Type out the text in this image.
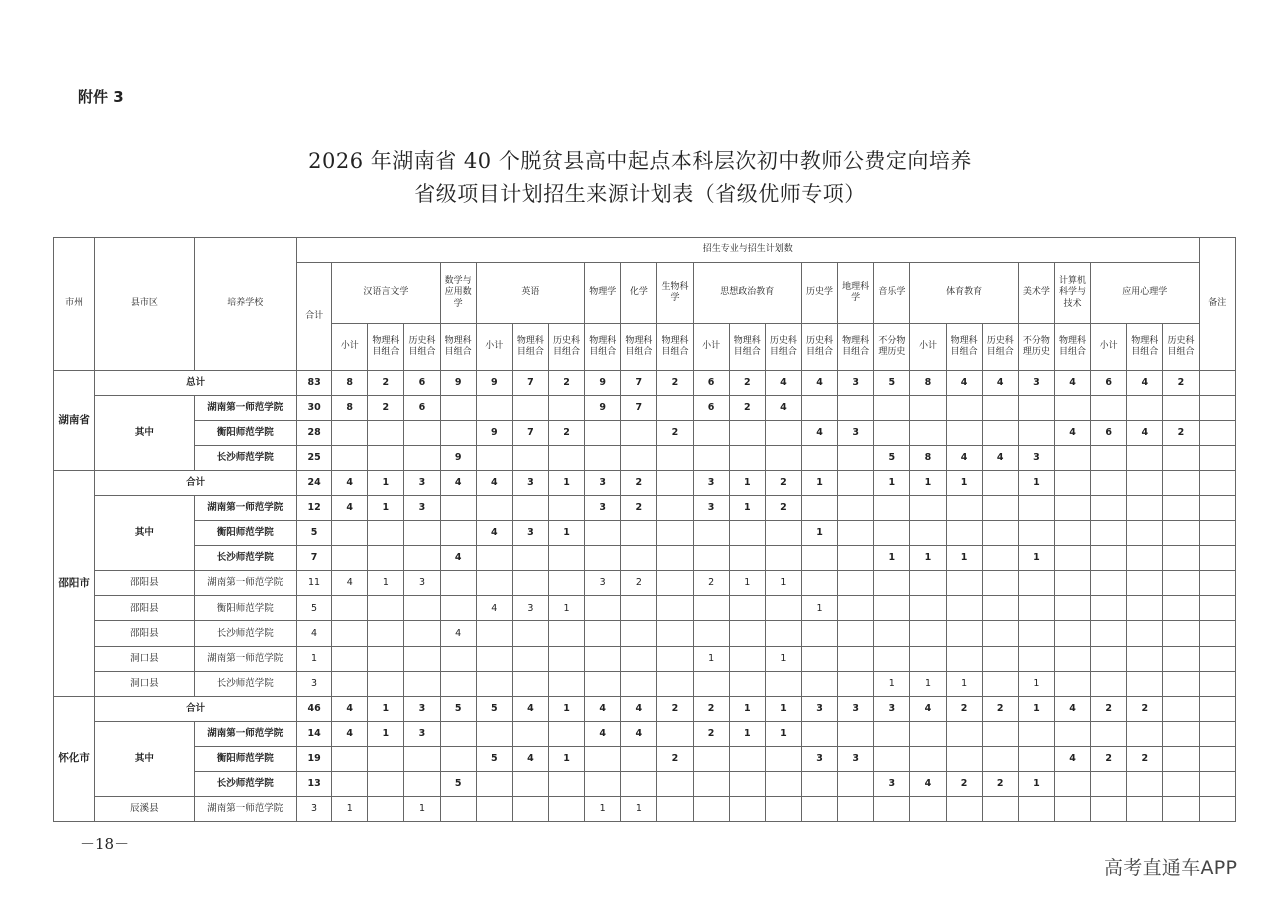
附件 3
2026 年湖南省 40 个脱贫县高中起点本科层次初中教师公费定向培养
省级项目计划招生来源计划表（省级优师专项）
市州	县市区	培养学校	招生专业与招生计划数																									备注
			合计	汉语言文学			数学与应用数学	英语			物理学	化学	生物科学	思想政治教育			历史学	地理科学	音乐学	体育教育			美术学	计算机科学与技术	应用心理学			
				小计	物理科目组合	历史科目组合	物理科目组合	小计	物理科目组合	历史科目组合	物理科目组合	物理科目组合	物理科目组合	小计	物理科目组合	历史科目组合	历史科目组合	物理科目组合	不分物理历史	小计	物理科目组合	历史科目组合	不分物理历史	物理科目组合	小计	物理科目组合	历史科目组合	
湖南省	总计		83	8	2	6	9	9	7	2	9	7	2	6	2	4	4	3	5	8	4	4	3	4	6	4	2	
	其中	湖南第一师范学院	30	8	2	6					9	7		6	2	4												
		衡阳师范学院	28					9	7	2			2				4	3						4	6	4	2	
		长沙师范学院	25				9												5	8	4	4	3					
邵阳市	合计		24	4	1	3	4	4	3	1	3	2		3	1	2	1		1	1	1		1					
	其中	湖南第一师范学院	12	4	1	3					3	2		3	1	2												
		衡阳师范学院	5					4	3	1							1											
		长沙师范学院	7				4												1	1	1		1					
	邵阳县	湖南第一师范学院	11	4	1	3					3	2		2	1	1												
	邵阳县	衡阳师范学院	5					4	3	1							1											
	邵阳县	长沙师范学院	4				4																					
	洞口县	湖南第一师范学院	1											1		1												
	洞口县	长沙师范学院	3																1	1	1		1					
怀化市	合计		46	4	1	3	5	5	4	1	4	4	2	2	1	1	3	3	3	4	2	2	1	4	2	2		
	其中	湖南第一师范学院	14	4	1	3					4	4		2	1	1												
		衡阳师范学院	19					5	4	1			2				3	3						4	2	2		
		长沙师范学院	13				5												3	4	2	2	1					
	辰溪县	湖南第一师范学院	3	1		1					1	1																
－18－
高考直通车APP
